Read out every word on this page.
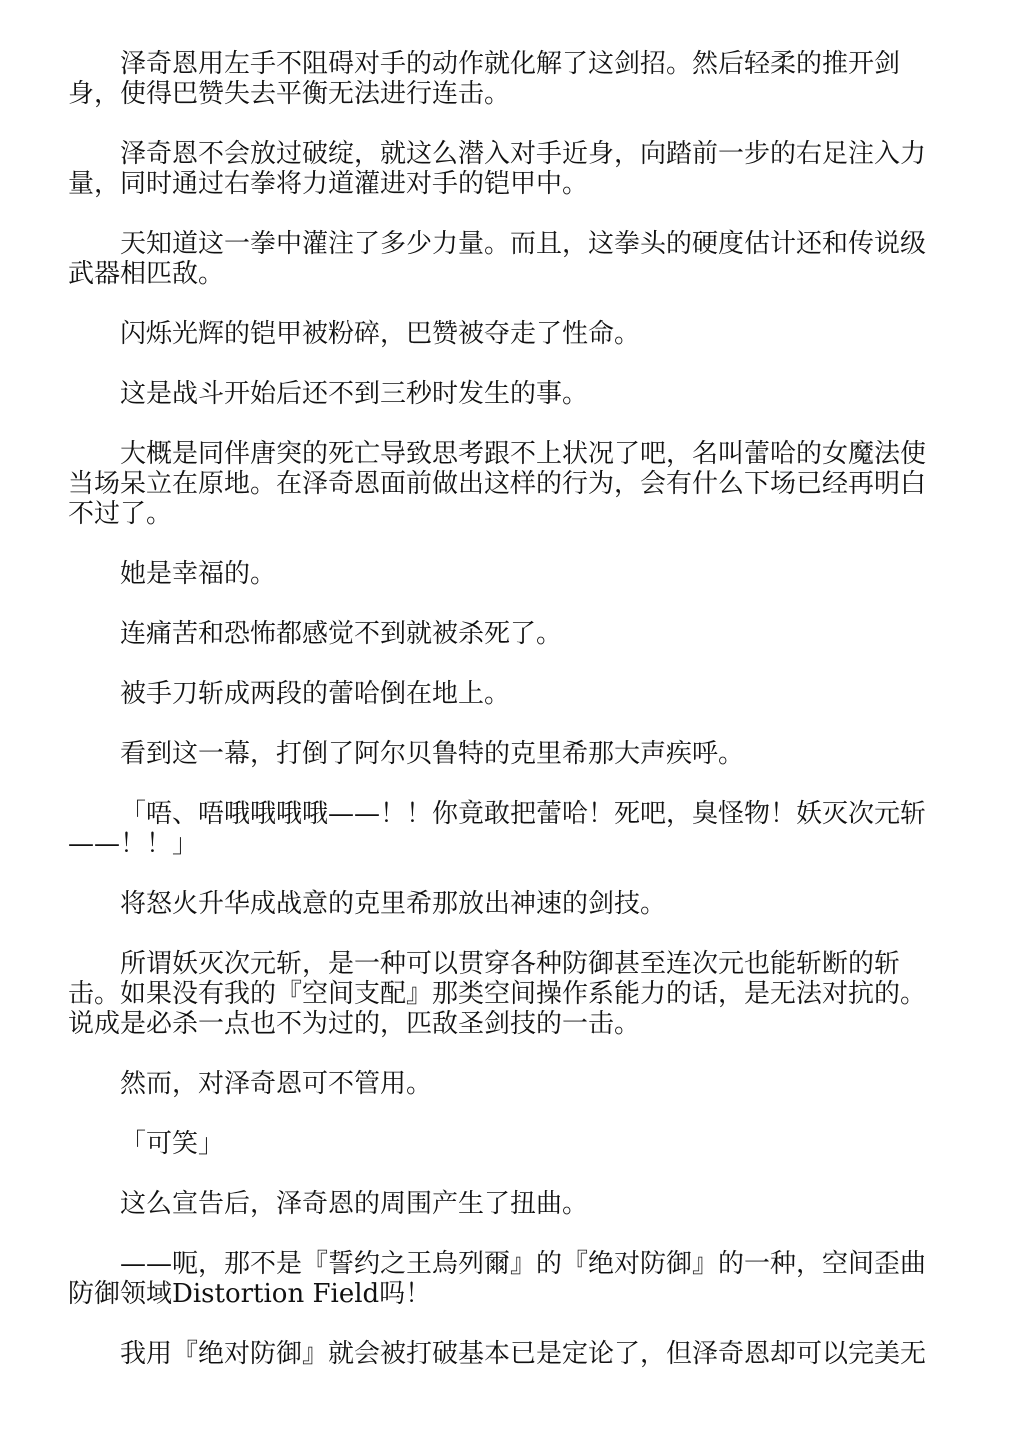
泽奇恩用左手不阻碍对手的动作就化解了这剑招。然后轻柔的推开剑身，使得巴赞失去平衡无法进行连击。

泽奇恩不会放过破绽，就这么潜入对手近身，向踏前一步的右足注入力量，同时通过右拳将力道灌进对手的铠甲中。

天知道这一拳中灌注了多少力量。而且，这拳头的硬度估计还和传说级武器相匹敌。

闪烁光辉的铠甲被粉碎，巴赞被夺走了性命。

这是战斗开始后还不到三秒时发生的事。

大概是同伴唐突的死亡导致思考跟不上状况了吧，名叫蕾哈的女魔法使当场呆立在原地。在泽奇恩面前做出这样的行为，会有什么下场已经再明白不过了。

她是幸福的。

连痛苦和恐怖都感觉不到就被杀死了。

被手刀斩成两段的蕾哈倒在地上。

看到这一幕，打倒了阿尔贝鲁特的克里希那大声疾呼。

「唔、唔哦哦哦哦——！！你竟敢把蕾哈！死吧，臭怪物！妖灭次元斩——！！」

将怒火升华成战意的克里希那放出神速的剑技。

所谓妖灭次元斩，是一种可以贯穿各种防御甚至连次元也能斩断的斩击。如果没有我的『空间支配』那类空间操作系能力的话，是无法对抗的。说成是必杀一点也不为过的，匹敌圣剑技的一击。

然而，对泽奇恩可不管用。

「可笑」

这么宣告后，泽奇恩的周围产生了扭曲。

——呃，那不是『誓约之王烏列爾』的『绝对防御』的一种，空间歪曲防御领域Distortion Field吗！

我用『绝对防御』就会被打破基本已是定论了，但泽奇恩却可以完美无
